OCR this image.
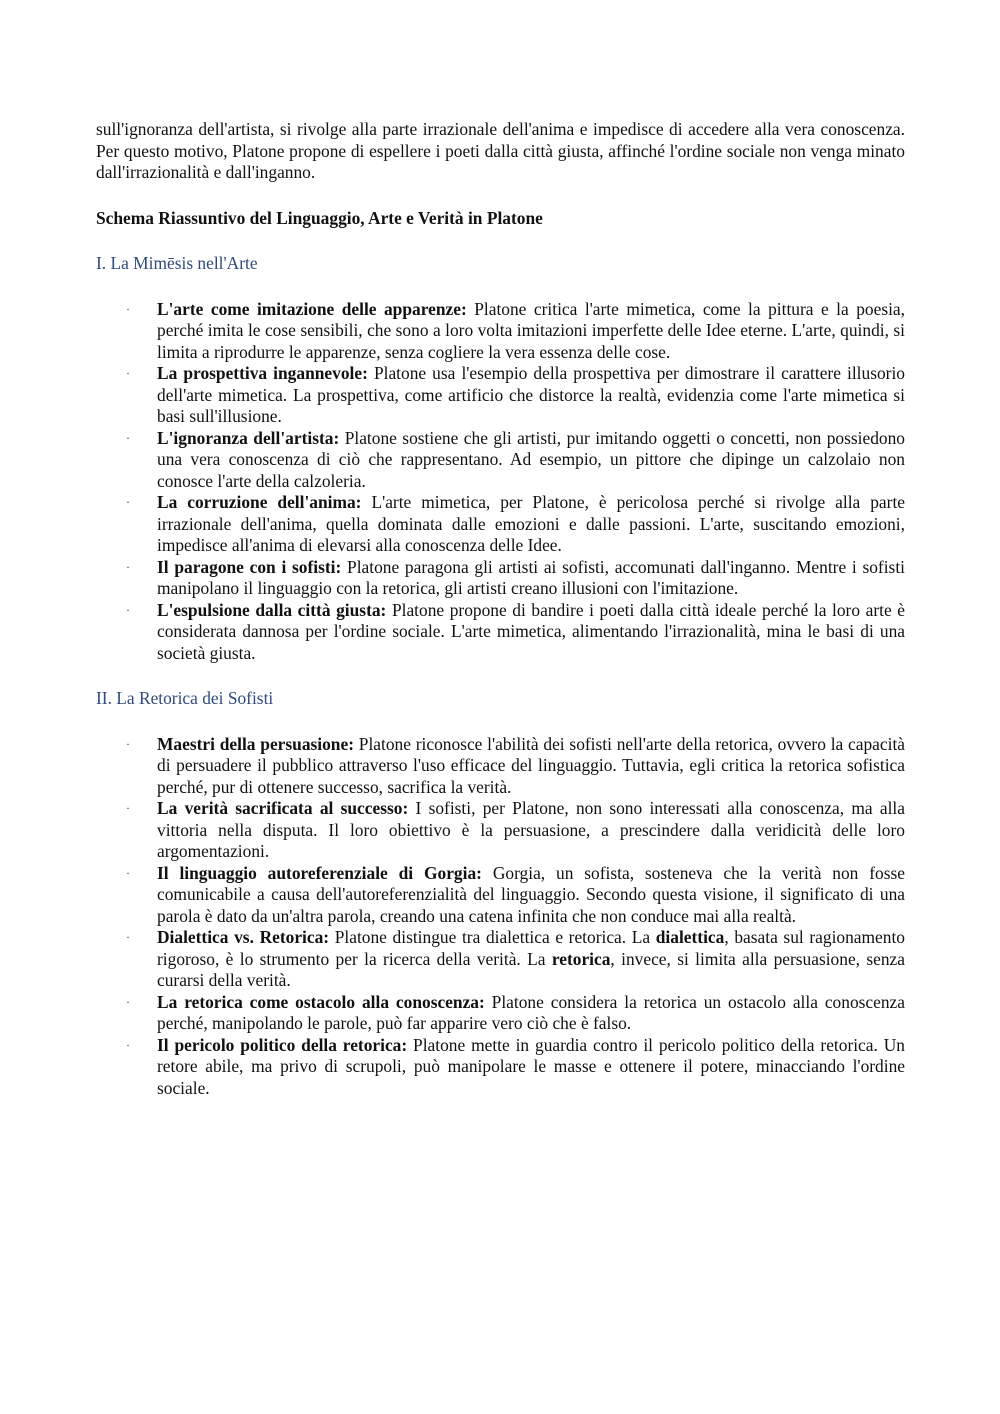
sull'ignoranza dell'artista, si rivolge alla parte irrazionale dell'anima e impedisce di accedere alla vera conoscenza. Per questo motivo, Platone propone di espellere i poeti dalla città giusta, affinché l'ordine sociale non venga minato dall'irrazionalità e dall'inganno.

Schema Riassuntivo del Linguaggio, Arte e Verità in Platone
I. La Mimēsis nell'Arte
· L'arte come imitazione delle apparenze: Platone critica l'arte mimetica, come la pittura e la poesia, perché imita le cose sensibili, che sono a loro volta imitazioni imperfette delle Idee eterne. L'arte, quindi, si limita a riprodurre le apparenze, senza cogliere la vera essenza delle cose.
· La prospettiva ingannevole: Platone usa l'esempio della prospettiva per dimostrare il carattere illusorio dell'arte mimetica. La prospettiva, come artificio che distorce la realtà, evidenzia come l'arte mimetica si basi sull'illusione.
· L'ignoranza dell'artista: Platone sostiene che gli artisti, pur imitando oggetti o concetti, non possiedono una vera conoscenza di ciò che rappresentano. Ad esempio, un pittore che dipinge un calzolaio non conosce l'arte della calzoleria.
· La corruzione dell'anima: L'arte mimetica, per Platone, è pericolosa perché si rivolge alla parte irrazionale dell'anima, quella dominata dalle emozioni e dalle passioni. L'arte, suscitando emozioni, impedisce all'anima di elevarsi alla conoscenza delle Idee.
· Il paragone con i sofisti: Platone paragona gli artisti ai sofisti, accomunati dall'inganno. Mentre i sofisti manipolano il linguaggio con la retorica, gli artisti creano illusioni con l'imitazione.
· L'espulsione dalla città giusta: Platone propone di bandire i poeti dalla città ideale perché la loro arte è considerata dannosa per l'ordine sociale. L'arte mimetica, alimentando l'irrazionalità, mina le basi di una società giusta.
II. La Retorica dei Sofisti
· Maestri della persuasione: Platone riconosce l'abilità dei sofisti nell'arte della retorica, ovvero la capacità di persuadere il pubblico attraverso l'uso efficace del linguaggio. Tuttavia, egli critica la retorica sofistica perché, pur di ottenere successo, sacrifica la verità.
· La verità sacrificata al successo: I sofisti, per Platone, non sono interessati alla conoscenza, ma alla vittoria nella disputa. Il loro obiettivo è la persuasione, a prescindere dalla veridicità delle loro argomentazioni.
· Il linguaggio autoreferenziale di Gorgia: Gorgia, un sofista, sosteneva che la verità non fosse comunicabile a causa dell'autoreferenzialità del linguaggio. Secondo questa visione, il significato di una parola è dato da un'altra parola, creando una catena infinita che non conduce mai alla realtà.
· Dialettica vs. Retorica: Platone distingue tra dialettica e retorica. La dialettica, basata sul ragionamento rigoroso, è lo strumento per la ricerca della verità. La retorica, invece, si limita alla persuasione, senza curarsi della verità.
· La retorica come ostacolo alla conoscenza: Platone considera la retorica un ostacolo alla conoscenza perché, manipolando le parole, può far apparire vero ciò che è falso.
· Il pericolo politico della retorica: Platone mette in guardia contro il pericolo politico della retorica. Un retore abile, ma privo di scrupoli, può manipolare le masse e ottenere il potere, minacciando l'ordine sociale.
